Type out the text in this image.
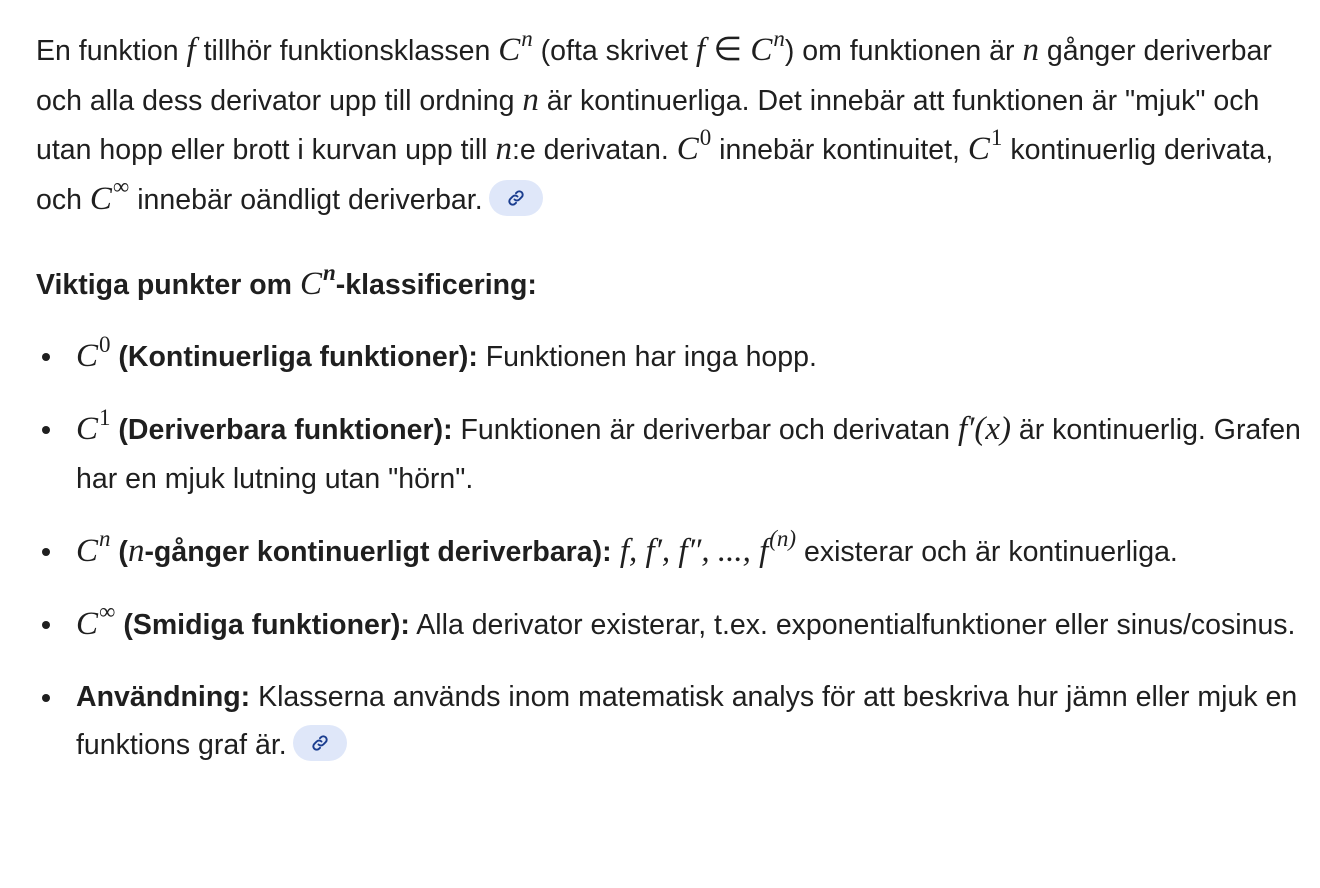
En funktion f tillhör funktionsklassen $C^n$ (ofta skrivet f ∈ $C^n$) om funktionen är n gånger deriverbar och alla dess derivator upp till ordning n är kontinuerliga. Det innebär att funktionen är "mjuk" och utan hopp eller brott i kurvan upp till n:e derivatan. $C^0$ innebär kontinuitet, $C^1$ kontinuerlig derivata, och C∞ innebär oändligt deriverbar.

Viktiga punkter om $C^n$-klassificering:
$C^0$ (Kontinuerliga funktioner): Funktionen har inga hopp.
$C^1$ (Deriverbara funktioner): Funktionen är deriverbar och derivatan f′(x) är kontinuerlig. Grafen har en mjuk lutning utan "hörn".
$C^n$ (n-gånger kontinuerligt deriverbara): f, f′, f″, ..., $f^{(n)}$ existerar och är kontinuerliga.
C∞ (Smidiga funktioner): Alla derivator existerar, t.ex. exponentialfunktioner eller sinus/cosinus.
Användning: Klasserna används inom matematisk analys för att beskriva hur jämn eller mjuk en funktions graf är.
